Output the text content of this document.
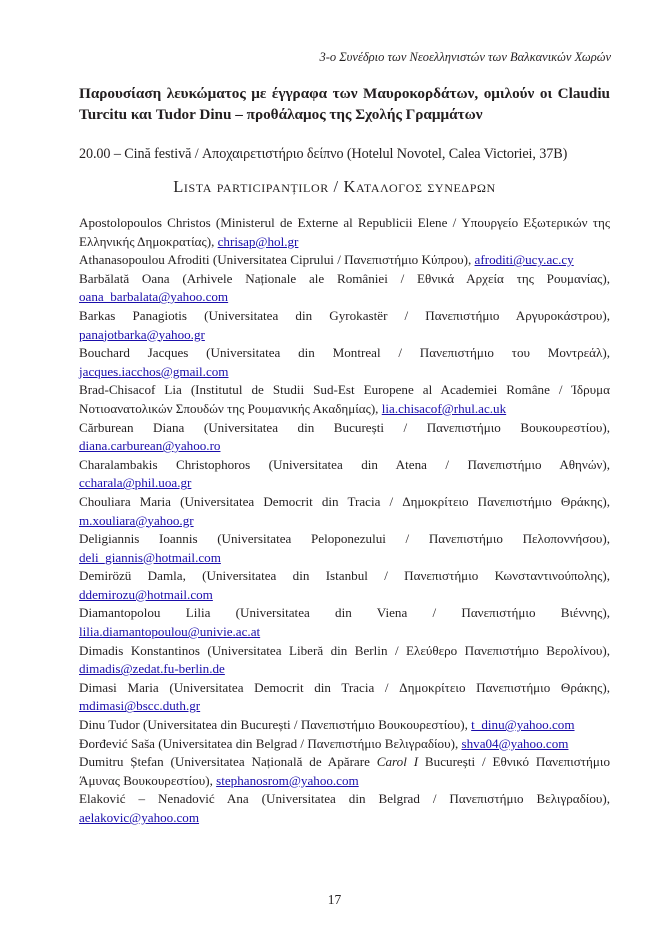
3-ο Συνέδριο των Νεοελληνιστών των Βαλκανικών Χωρών
Παρουσίαση λευκώματος με έγγραφα των Μαυροκορδάτων, ομιλούν οι Claudiu Turcitu και Tudor Dinu – προθάλαμος της Σχολής Γραμμάτων
20.00 – Cină festivă / Αποχαιρετιστήριο δείπνο (Hotelul Novotel, Calea Victoriei, 37B)
Lista participanților / Καταλογος συνεδρων
Apostolopoulos Christos (Ministerul de Externe al Republicii Elene / Υπουργείο Εξωτερικών της Ελληνικής Δημοκρατίας), chrisap@hol.gr
Athanasopoulou Afroditi (Universitatea Ciprului / Πανεπιστήμιο Κύπρου), afroditi@ucy.ac.cy
Barbălată Oana (Arhivele Naționale ale României / Εθνικά Αρχεία της Ρουμανίας), oana_barbalata@yahoo.com
Barkas Panagiotis (Universitatea din Gyrokastër / Πανεπιστήμιο Αργυροκάστρου), panajotbarka@yahoo.gr
Bouchard Jacques (Universitatea din Montreal / Πανεπιστήμιο του Μοντρεάλ), jacques.iacchos@gmail.com
Brad-Chisacof Lia (Institutul de Studii Sud-Est Europene al Academiei Române / Ίδρυμα Νοτιοανατολικών Σπουδών της Ρουμανικής Ακαδημίας), lia.chisacof@rhul.ac.uk
Cărburean Diana (Universitatea din București / Πανεπιστήμιο Βουκουρεστίου), diana.carburean@yahoo.ro
Charalambakis Christophoros (Universitatea din Atena / Πανεπιστήμιο Αθηνών), ccharala@phil.uoa.gr
Chouliara Maria (Universitatea Democrit din Tracia / Δημοκρίτειο Πανεπιστήμιο Θράκης), m.xouliara@yahoo.gr
Deligiannis Ioannis (Universitatea Peloponezului / Πανεπιστήμιο Πελοποννήσου), deli_giannis@hotmail.com
Demirözü Damla, (Universitatea din Istanbul / Πανεπιστήμιο Κωνσταντινούπολης), ddemirozu@hotmail.com
Diamantopolou Lilia (Universitatea din Viena / Πανεπιστήμιο Βιέννης), lilia.diamantopoulou@univie.ac.at
Dimadis Konstantinos (Universitatea Liberă din Berlin / Ελεύθερο Πανεπιστήμιο Βερολίνου), dimadis@zedat.fu-berlin.de
Dimasi Maria (Universitatea Democrit din Tracia / Δημοκρίτειο Πανεπιστήμιο Θράκης), mdimasi@bscc.duth.gr
Dinu Tudor (Universitatea din București / Πανεπιστήμιο Βουκουρεστίου), t_dinu@yahoo.com
Đorđević Saša (Universitatea din Belgrad / Πανεπιστήμιο Βελιγραδίου), shva04@yahoo.com
Dumitru Ștefan (Universitatea Națională de Apărare Carol I București / Εθνικό Πανεπιστήμιο Άμυνας Βουκουρεστίου), stephanosrom@yahoo.com
Elaković – Nenadović Ana (Universitatea din Belgrad / Πανεπιστήμιο Βελιγραδίου), aelakovic@yahoo.com
17
